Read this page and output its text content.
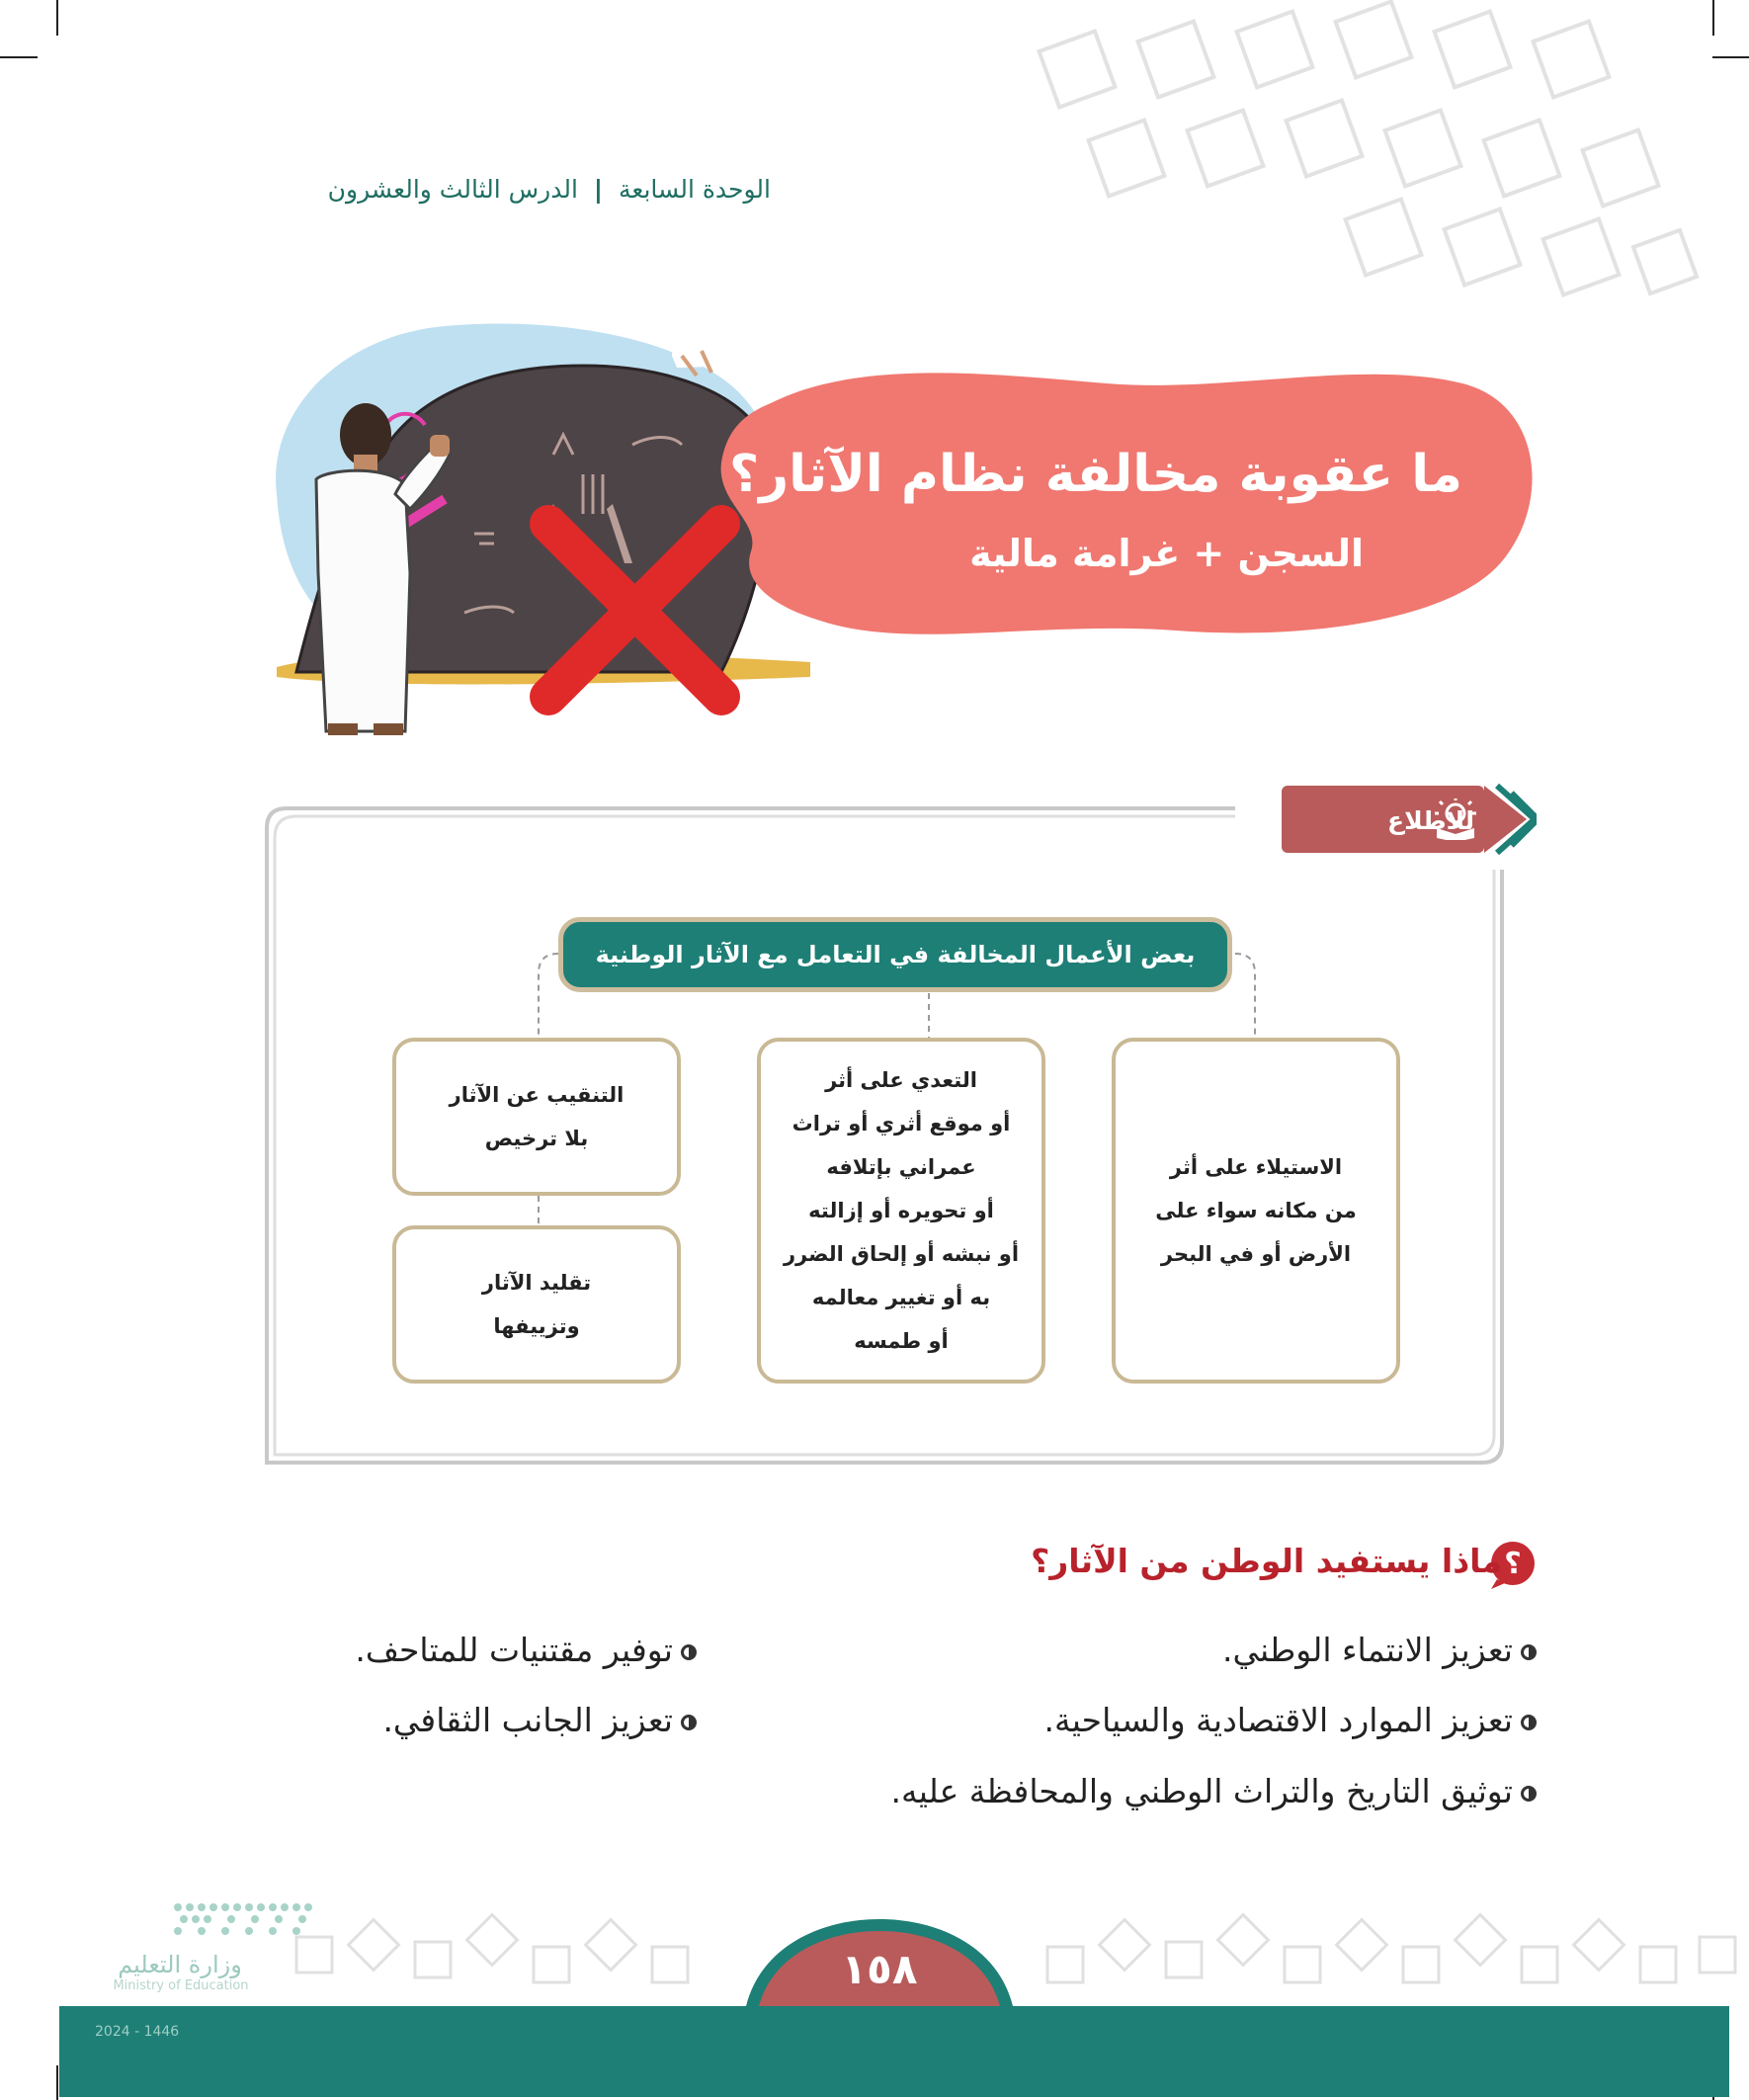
الوحدة السابعة | الدرس الثالث والعشرون
ما عقوبة مخالفة نظام الآثار؟
السجن + غرامة مالية
للاطلاع
بعض الأعمال المخالفة في التعامل مع الآثار الوطنية
الاستيلاء على أثر
من مكانه سواء على
الأرض أو في البحر
التعدي على أثر
أو موقع أثري أو تراث
عمراني بإتلافه
أو تحويره أو إزالته
أو نبشه أو إلحاق الضرر
به أو تغيير معالمه
أو طمسه
التنقيب عن الآثار
بلا ترخيص
تقليد الآثار
وتزييفها
؟
ماذا يستفيد الوطن من الآثار؟
تعزيز الانتماء الوطني.
تعزيز الموارد الاقتصادية والسياحية.
توثيق التاريخ والتراث الوطني والمحافظة عليه.
توفير مقتنيات للمتاحف.
تعزيز الجانب الثقافي.
١٥٨
وزارة التعليم
Ministry of Education
2024 - 1446
